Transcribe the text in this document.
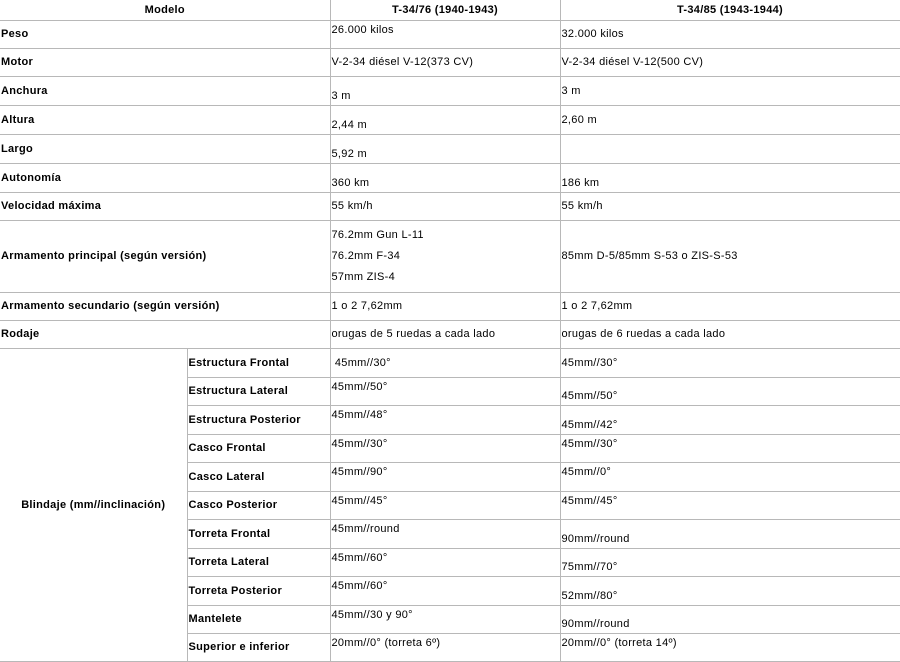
Modelo		T-34/76 (1940-1943)	T-34/85 (1943-1944)
Peso		26.000 kilos	32.000 kilos
Motor		V-2-34 diésel V-12(373 CV)	V-2-34 diésel V-12(500 CV)
Anchura		3 m	3 m
Altura		2,44 m	2,60 m
Largo		5,92 m	
Autonomía		360 km	186 km
Velocidad máxima		55 km/h	55 km/h
Armamento principal (según versión)		76.2mm Gun L-11
76.2mm F-34
57mm ZIS-4	85mm D-5/85mm S-53 o ZIS-S-53
Armamento secundario (según versión)		1 o 2 7,62mm	1 o 2 7,62mm
Rodaje		orugas de 5 ruedas a cada lado	orugas de 6 ruedas a cada lado
Blindaje (mm//inclinación)	Estructura Frontal	45mm//30°	45mm//30°
	Estructura Lateral	45mm//50°	45mm//50°
	Estructura Posterior	45mm//48°	45mm//42°
	Casco Frontal	45mm//30°	45mm//30°
	Casco Lateral	45mm//90°	45mm//0°
	Casco Posterior	45mm//45°	45mm//45°
	Torreta Frontal	45mm//round	90mm//round
	Torreta Lateral	45mm//60°	75mm//70°
	Torreta Posterior	45mm//60°	52mm//80°
	Mantelete	45mm//30 y 90°	90mm//round
	Superior e inferior	20mm//0° (torreta 6º)	20mm//0° (torreta 14º)
